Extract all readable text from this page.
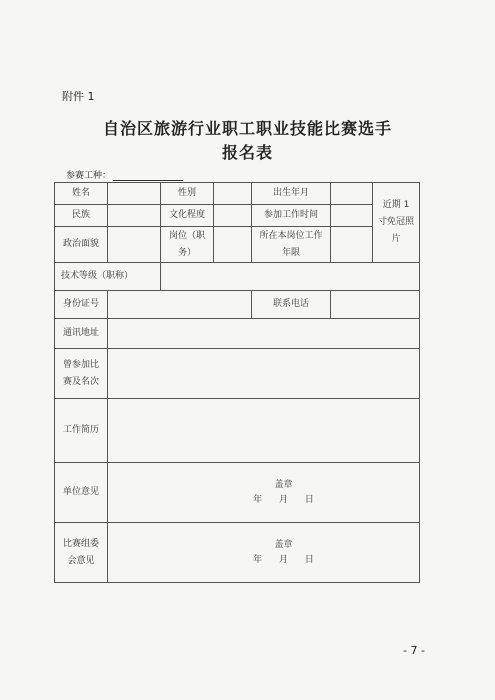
附件 1
自治区旅游行业职工职业技能比赛选手
报名表
参赛工种：
姓名		性别		出生年月		近期 1 寸免冠照片

民族		文化程度		参加工作时间		
政治面貌		岗位（职务）		所在本岗位工作年限		

技术等级（职称）						
身份证号				联系电话		
通讯地址						

曾参加比赛及名次						

工作简历						
单位意见	盖章
年 月 日					

比赛组委会意见	盖章
年 月 日					
- 7 -
